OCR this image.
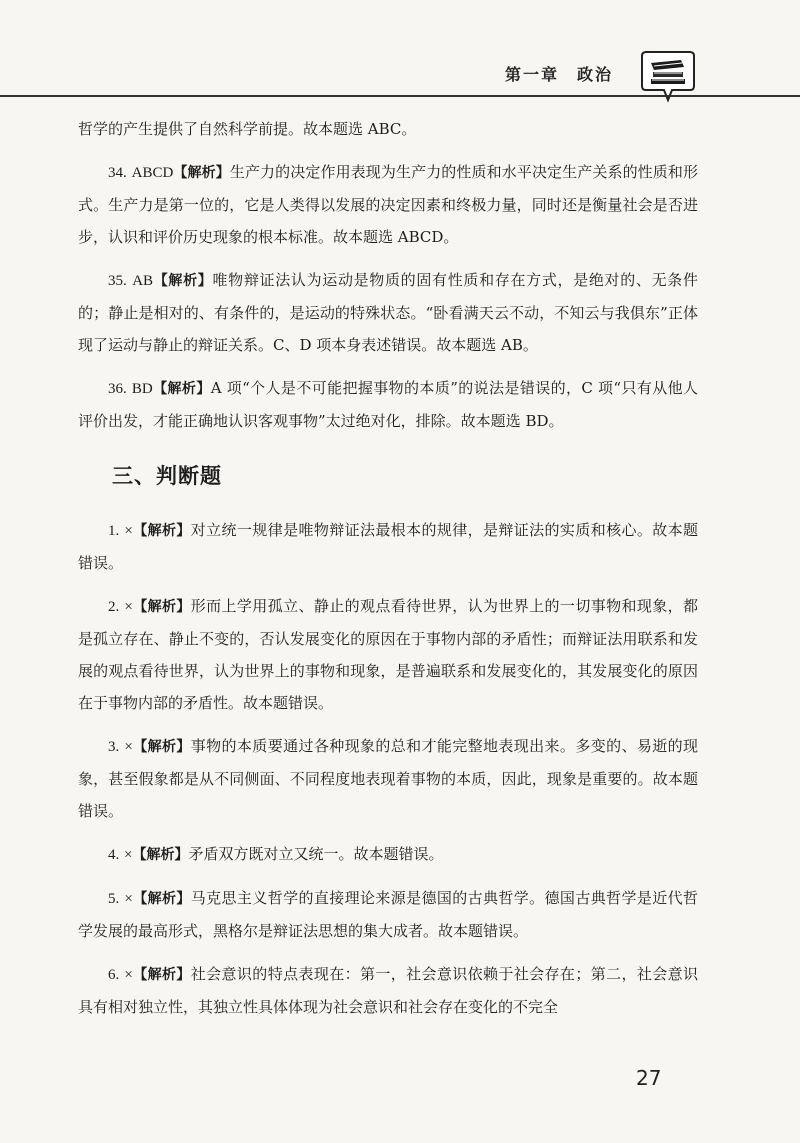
第一章　政治

哲学的产生提供了自然科学前提。故本题选 ABC。

34. ABCD【解析】生产力的决定作用表现为生产力的性质和水平决定生产关系的性质和形式。生产力是第一位的，它是人类得以发展的决定因素和终极力量，同时还是衡量社会是否进步，认识和评价历史现象的根本标准。故本题选 ABCD。

35. AB【解析】唯物辩证法认为运动是物质的固有性质和存在方式，是绝对的、无条件的；静止是相对的、有条件的，是运动的特殊状态。“卧看满天云不动，不知云与我俱东”正体现了运动与静止的辩证关系。C、D 项本身表述错误。故本题选 AB。

36. BD【解析】A 项“个人是不可能把握事物的本质”的说法是错误的，C 项“只有从他人评价出发，才能正确地认识客观事物”太过绝对化，排除。故本题选 BD。

三、判断题

1. ×【解析】对立统一规律是唯物辩证法最根本的规律，是辩证法的实质和核心。故本题错误。

2. ×【解析】形而上学用孤立、静止的观点看待世界，认为世界上的一切事物和现象，都是孤立存在、静止不变的，否认发展变化的原因在于事物内部的矛盾性；而辩证法用联系和发展的观点看待世界，认为世界上的事物和现象，是普遍联系和发展变化的，其发展变化的原因在于事物内部的矛盾性。故本题错误。

3. ×【解析】事物的本质要通过各种现象的总和才能完整地表现出来。多变的、易逝的现象，甚至假象都是从不同侧面、不同程度地表现着事物的本质，因此，现象是重要的。故本题错误。

4. ×【解析】矛盾双方既对立又统一。故本题错误。

5. ×【解析】马克思主义哲学的直接理论来源是德国的古典哲学。德国古典哲学是近代哲学发展的最高形式，黑格尔是辩证法思想的集大成者。故本题错误。

6. ×【解析】社会意识的特点表现在：第一，社会意识依赖于社会存在；第二，社会意识具有相对独立性，其独立性具体体现为社会意识和社会存在变化的不完全

27
